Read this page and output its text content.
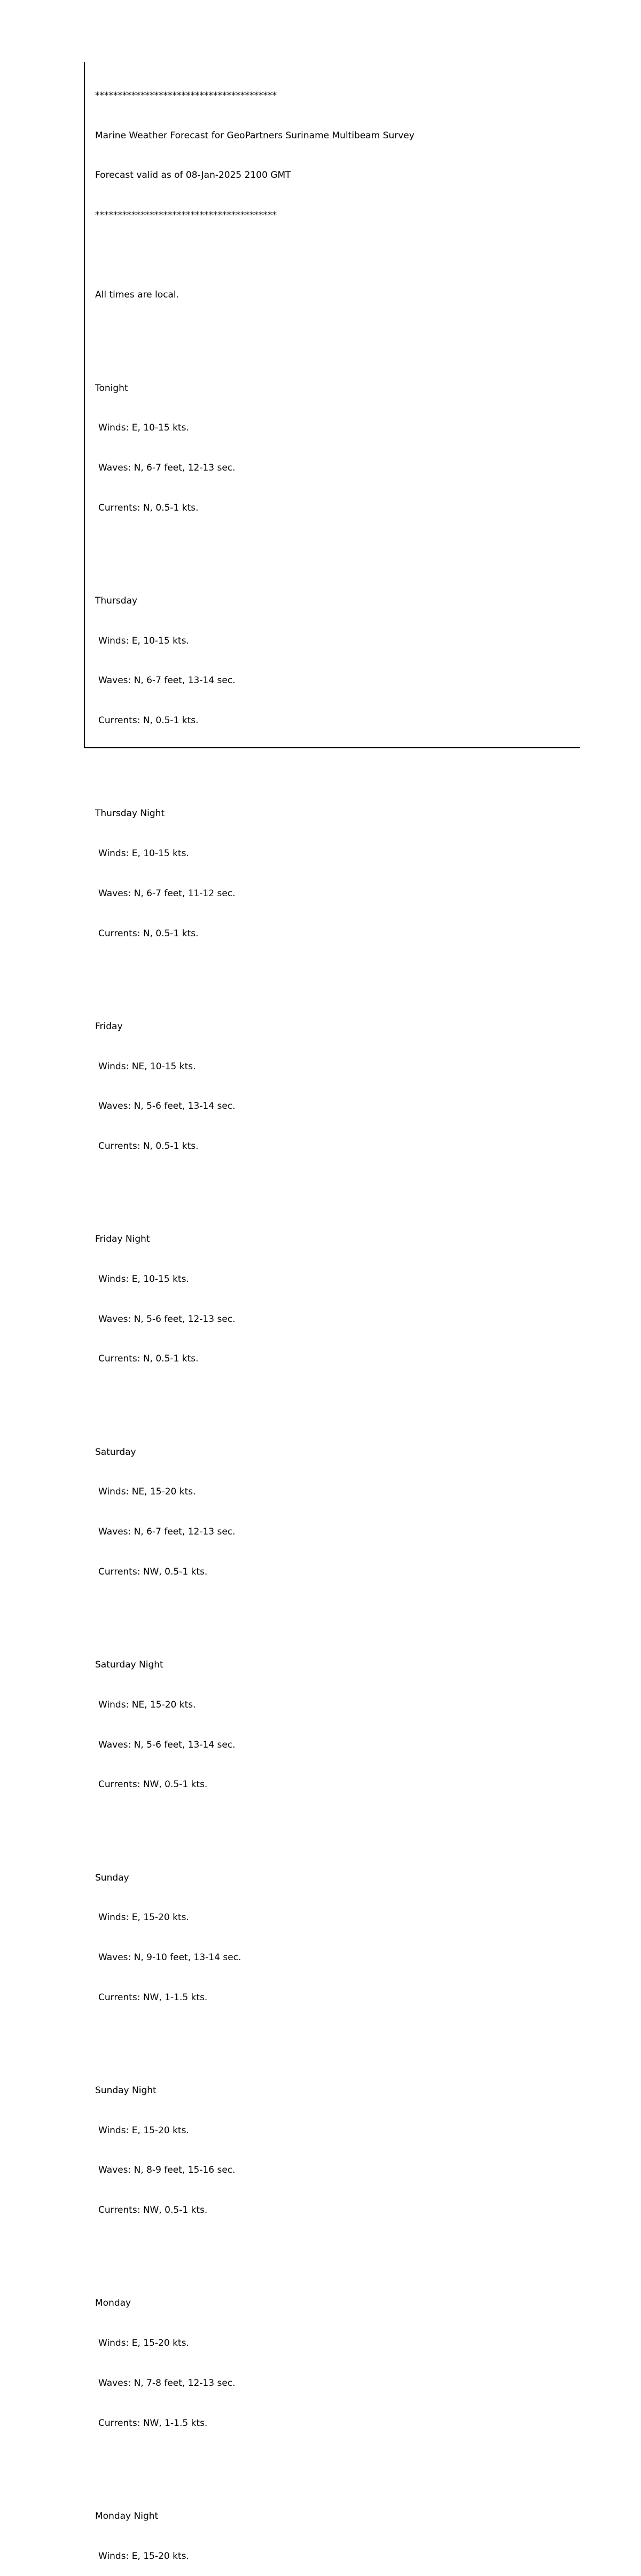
****************************************

Marine Weather Forecast for GeoPartners Suriname Multibeam Survey

Forecast valid as of 08-Jan-2025 2100 GMT

****************************************

All times are local.

Tonight

Winds: E, 10-15 kts.

Waves: N, 6-7 feet, 12-13 sec.

Currents: N, 0.5-1 kts.

Thursday

Winds: E, 10-15 kts.

Waves: N, 6-7 feet, 13-14 sec.

Currents: N, 0.5-1 kts.

Thursday Night

Winds: E, 10-15 kts.

Waves: N, 6-7 feet, 11-12 sec.

Currents: N, 0.5-1 kts.

Friday

Winds: NE, 10-15 kts.

Waves: N, 5-6 feet, 13-14 sec.

Currents: N, 0.5-1 kts.

Friday Night

Winds: E, 10-15 kts.

Waves: N, 5-6 feet, 12-13 sec.

Currents: N, 0.5-1 kts.

Saturday

Winds: NE, 15-20 kts.

Waves: N, 6-7 feet, 12-13 sec.

Currents: NW, 0.5-1 kts.

Saturday Night

Winds: NE, 15-20 kts.

Waves: N, 5-6 feet, 13-14 sec.

Currents: NW, 0.5-1 kts.

Sunday

Winds: E, 15-20 kts.

Waves: N, 9-10 feet, 13-14 sec.

Currents: NW, 1-1.5 kts.

Sunday Night

Winds: E, 15-20 kts.

Waves: N, 8-9 feet, 15-16 sec.

Currents: NW, 0.5-1 kts.

Monday

Winds: E, 15-20 kts.

Waves: N, 7-8 feet, 12-13 sec.

Currents: NW, 1-1.5 kts.

Monday Night

Winds: E, 15-20 kts.
